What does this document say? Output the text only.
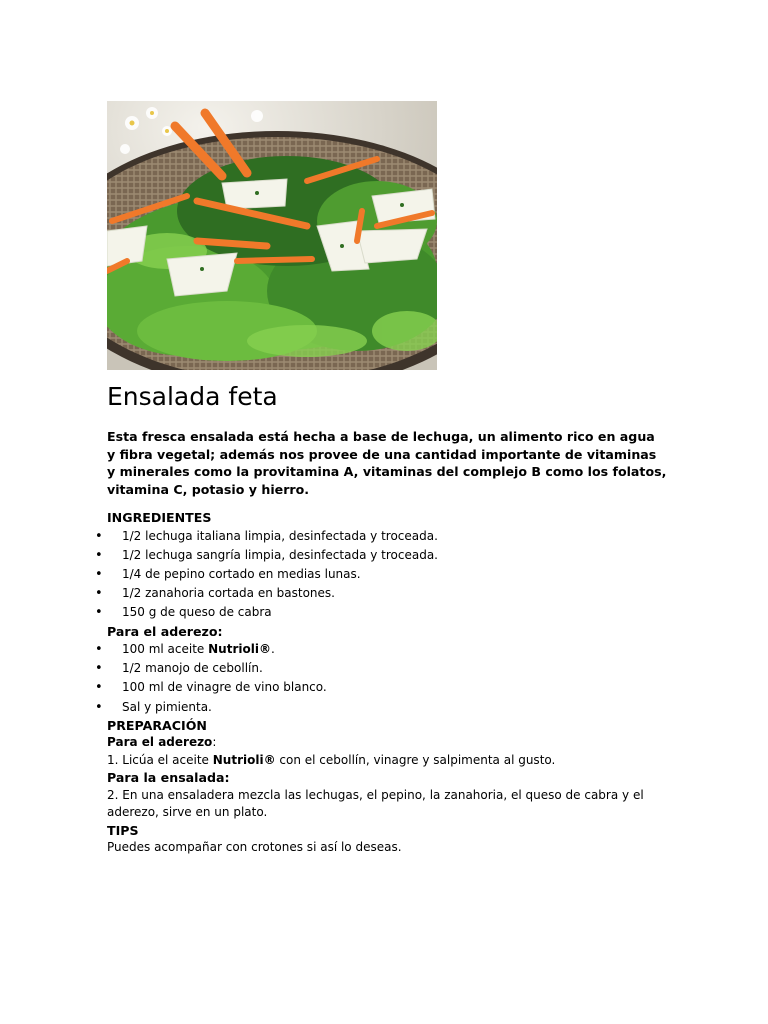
Ensalada feta

Esta fresca ensalada está hecha a base de lechuga, un alimento rico en agua y fibra vegetal; además nos provee de una cantidad importante de vitaminas y minerales como la provitamina A, vitaminas del complejo B como los folatos, vitamina C, potasio y hierro.

INGREDIENTES

• 1/2 lechuga italiana limpia, desinfectada y troceada.
• 1/2 lechuga sangría limpia, desinfectada y troceada.
• 1/4 de pepino cortado en medias lunas.
• 1/2 zanahoria cortada en bastones.
• 150 g de queso de cabra

Para el aderezo:

• 100 ml aceite Nutrioli®.
• 1/2 manojo de cebollín.
• 100 ml de vinagre de vino blanco.
• Sal y pimienta.

PREPARACIÓN

Para el aderezo:

1. Licúa el aceite Nutrioli® con el cebollín, vinagre y salpimenta al gusto.

Para la ensalada:

2. En una ensaladera mezcla las lechugas, el pepino, la zanahoria, el queso de cabra y el aderezo, sirve en un plato.

TIPS

Puedes acompañar con crotones si así lo deseas.
